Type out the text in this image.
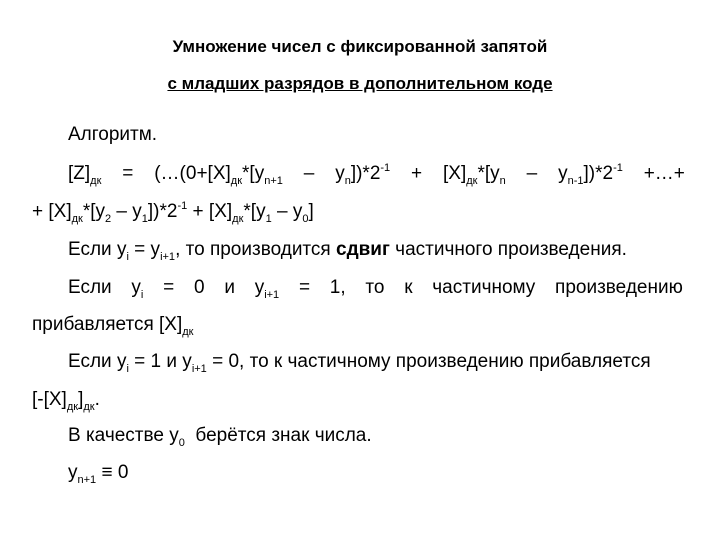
Умножение чисел с фиксированной запятой
с младших разрядов в дополнительном коде
Алгоритм.
$[Z]_{дк}$ = $(\dots(0+[X]_{дк}*[y_{n+1} - y_n])*2^{-1} + [X]_{дк}*[y_n - y_{n-1}])*2^{-1}$ +…+
+ $[X]_{дк}*[y_2 - y_1])*2^{-1} + [X]_{дк}*[y_1 - y_0]$
Если $y_i = y_{i+1}$, то производится сдвиг частичного произведения.
Если $y_i = 0$ и $y_{i+1} = 1$, то к частичному произведению
прибавляется $[X]_{дк}$
Если $y_i = 1$ и $y_{i+1} = 0$, то к частичному произведению прибавляется
$[-[X]_{дк}]_{дк}$.
В качестве $y_0$  берётся знак числа.
$y_{n+1} \equiv 0$
